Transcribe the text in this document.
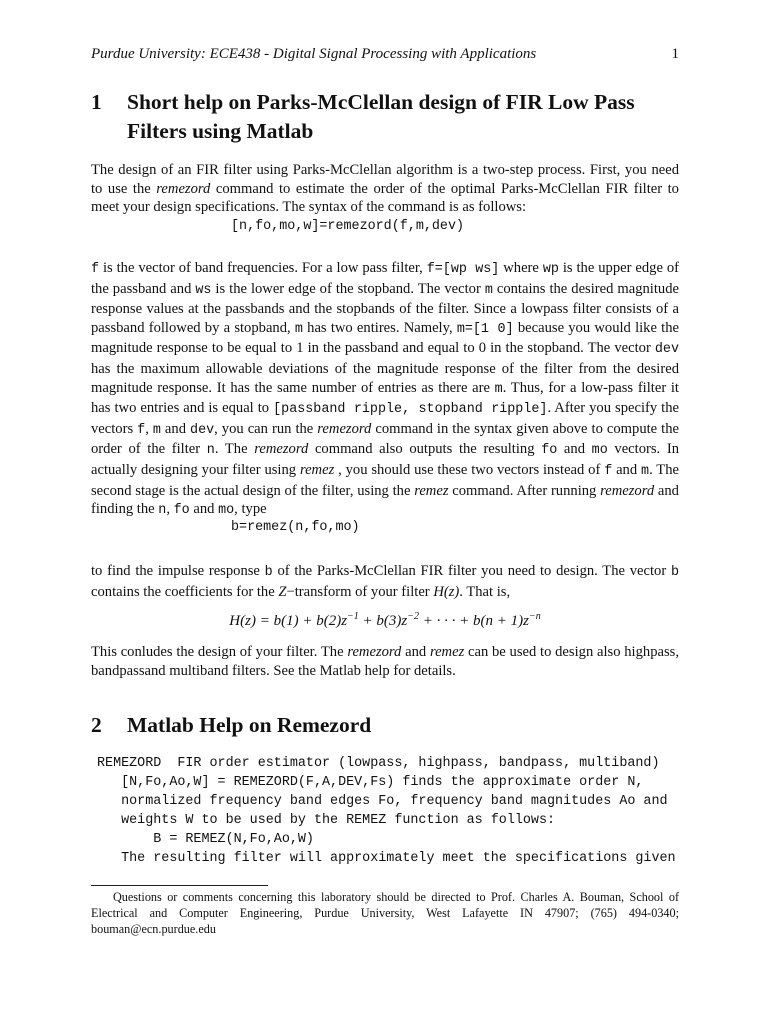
Purdue University: ECE438 - Digital Signal Processing with Applications	1
1	Short help on Parks-McClellan design of FIR Low Pass Filters using Matlab

The design of an FIR filter using Parks-McClellan algorithm is a two-step process. First, you need to use the remezord command to estimate the order of the optimal Parks-McClellan FIR filter to meet your design specifications. The syntax of the command is as follows:

[n,fo,mo,w]=remezord(f,m,dev)

f is the vector of band frequencies. For a low pass filter, f=[wp ws] where wp is the upper edge of the passband and ws is the lower edge of the stopband. The vector m contains the desired magnitude response values at the passbands and the stopbands of the filter. Since a lowpass filter consists of a passband followed by a stopband, m has two entires. Namely, m=[1 0] because you would like the magnitude response to be equal to 1 in the passband and equal to 0 in the stopband. The vector dev has the maximum allowable deviations of the magnitude response of the filter from the desired magnitude response. It has the same number of entries as there are m. Thus, for a low-pass filter it has two entries and is equal to [passband ripple, stopband ripple]. After you specify the vectors f, m and dev, you can run the remezord command in the syntax given above to compute the order of the filter n. The remezord command also outputs the resulting fo and mo vectors. In actually designing your filter using remez , you should use these two vectors instead of f and m. The second stage is the actual design of the filter, using the remez command. After running remezord and finding the n, fo and mo, type

b=remez(n,fo,mo)

to find the impulse response b of the Parks-McClellan FIR filter you need to design. The vector b contains the coefficients for the Z−transform of your filter H(z). That is,

$H(z) = b(1) + b(2)z^{-1} + b(3)z^{-2}$ + · · · + $b(n + 1)z^{-n}$

This conludes the design of your filter. The remezord and remez can be used to design also highpass, bandpassand multiband filters. See the Matlab help for details.

2	Matlab Help on Remezord
REMEZORD  FIR order estimator (lowpass, highpass, bandpass, multiband)
[N,Fo,Ao,W] = REMEZORD(F,A,DEV,Fs) finds the approximate order N,
normalized frequency band edges Fo, frequency band magnitudes Ao and
weights W to be used by the REMEZ function as follows:
B = REMEZ(N,Fo,Ao,W)
The resulting filter will approximately meet the specifications given
Questions or comments concerning this laboratory should be directed to Prof. Charles A. Bouman, School of Electrical and Computer Engineering, Purdue University, West Lafayette IN 47907; (765) 494-0340; bouman@ecn.purdue.edu
